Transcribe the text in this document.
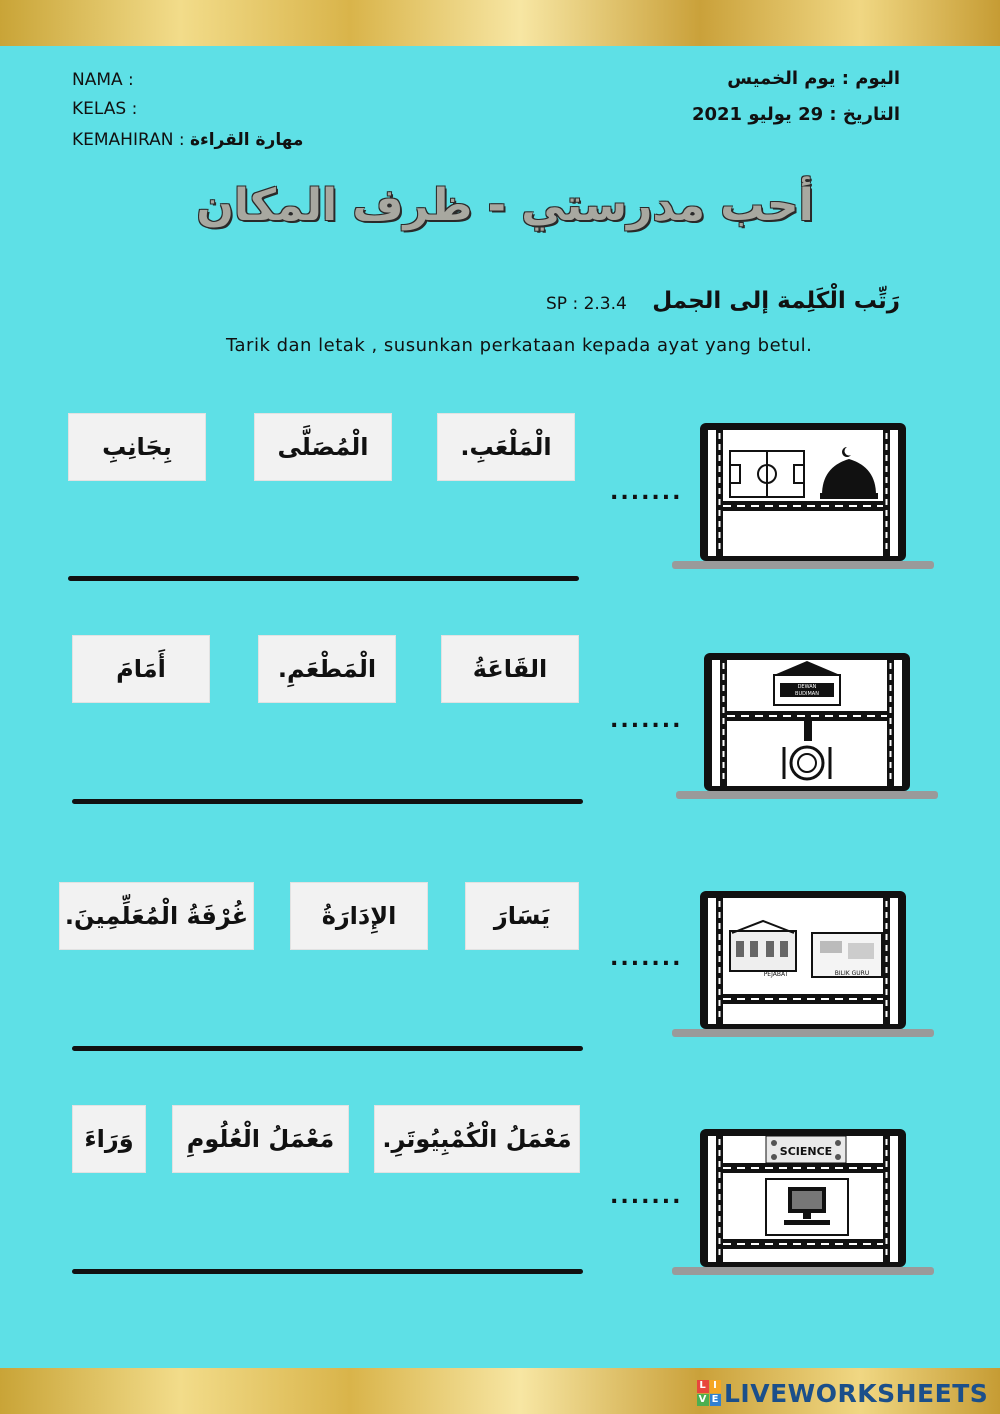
NAMA :
KELAS :
KEMAHIRAN : مهارة القراءة
اليوم : يوم الخميس
التاريخ : 29 يوليو 2021
أحب مدرستي - ظرف المكان
رَتِّب الْكَلِمة إلى الجمل
SP : 2.3.4
Tarik dan letak , susunkan perkataan kepada ayat yang betul.
الْمَلْعَبِ.
الْمُصَلَّى
بِجَانِبِ
.......
القَاعَةُ
الْمَطْعَمِ.
أَمَامَ
.......
DEWAN
BUDIMAN
يَسَارَ
الإِدَارَةُ
غُرْفَةُ الْمُعَلِّمِينَ.
.......
PEJABAT	BILIK GURU
مَعْمَلُ الْكُمْبِيُوتَرِ.
مَعْمَلُ الْعُلُومِ
وَرَاءَ
.......
SCIENCE
L I
V E LIVEWORKSHEETS
